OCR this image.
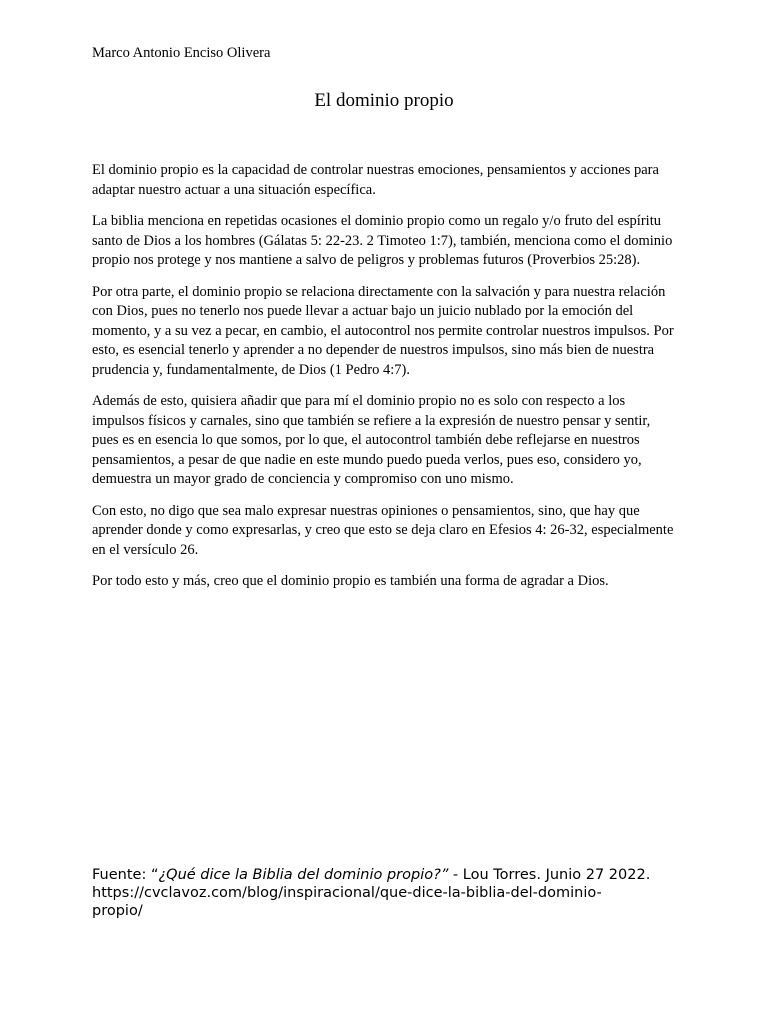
Marco Antonio Enciso Olivera
El dominio propio

El dominio propio es la capacidad de controlar nuestras emociones, pensamientos y acciones para adaptar nuestro actuar a una situación específica.

La biblia menciona en repetidas ocasiones el dominio propio como un regalo y/o fruto del espíritu santo de Dios a los hombres (Gálatas 5: 22-23. 2 Timoteo 1:7), también, menciona como el dominio propio nos protege y nos mantiene a salvo de peligros y problemas futuros (Proverbios 25:28).

Por otra parte, el dominio propio se relaciona directamente con la salvación y para nuestra relación con Dios, pues no tenerlo nos puede llevar a actuar bajo un juicio nublado por la emoción del momento, y a su vez a pecar, en cambio, el autocontrol nos permite controlar nuestros impulsos. Por esto, es esencial tenerlo y aprender a no depender de nuestros impulsos, sino más bien de nuestra prudencia y, fundamentalmente, de Dios (1 Pedro 4:7).

Además de esto, quisiera añadir que para mí el dominio propio no es solo con respecto a los impulsos físicos y carnales, sino que también se refiere a la expresión de nuestro pensar y sentir, pues es en esencia lo que somos, por lo que, el autocontrol también debe reflejarse en nuestros pensamientos, a pesar de que nadie en este mundo puedo pueda verlos, pues eso, considero yo, demuestra un mayor grado de conciencia y compromiso con uno mismo.

Con esto, no digo que sea malo expresar nuestras opiniones o pensamientos, sino, que hay que aprender donde y como expresarlas, y creo que esto se deja claro en Efesios 4: 26-32, especialmente en el versículo 26.

Por todo esto y más, creo que el dominio propio es también una forma de agradar a Dios.

Fuente: “¿Qué dice la Biblia del dominio propio?” - Lou Torres. Junio 27 2022. https://cvclavoz.com/blog/inspiracional/que-dice-la-biblia-del-dominio-propio/
